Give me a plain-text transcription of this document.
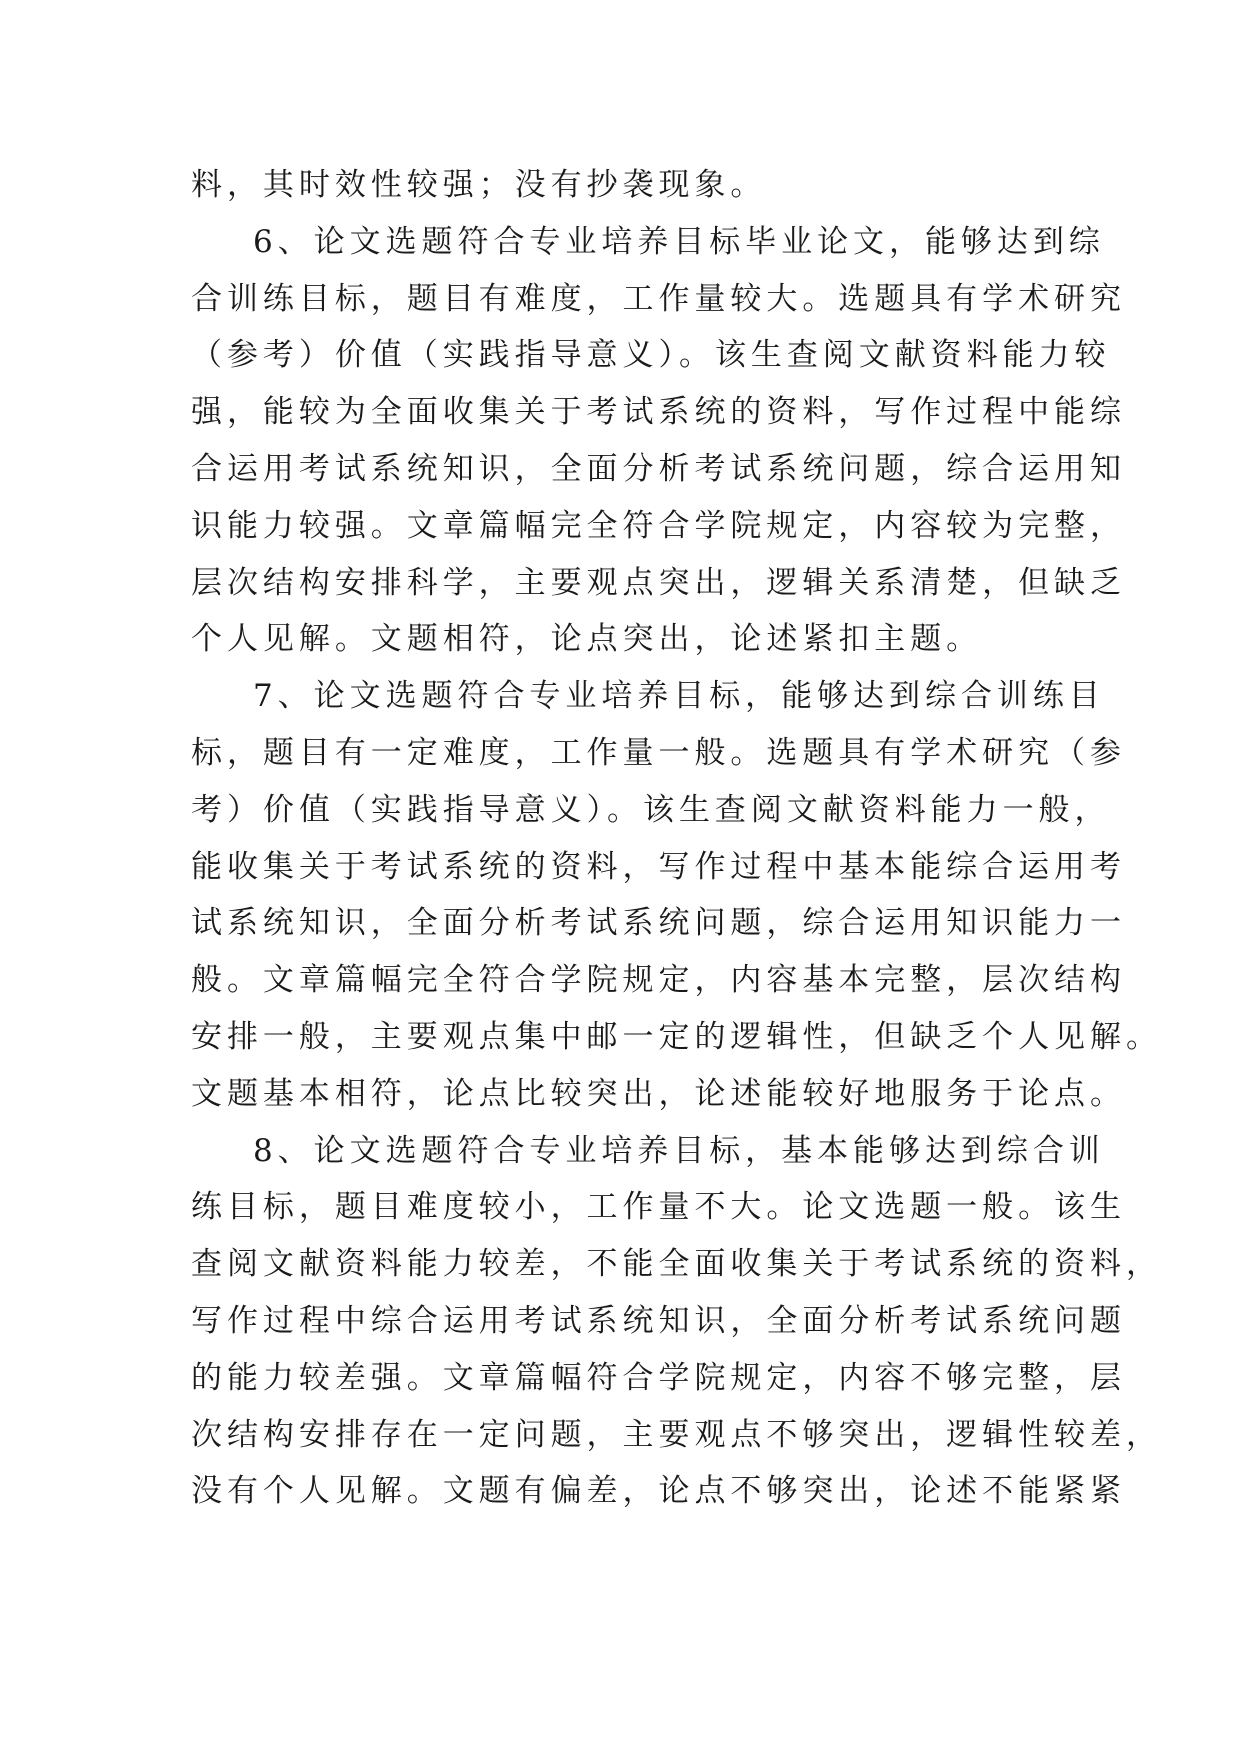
料，其时效性较强；没有抄袭现象。
6、论文选题符合专业培养目标毕业论文，能够达到综
合训练目标，题目有难度，工作量较大。选题具有学术研究
（参考）价值（实践指导意义）。该生查阅文献资料能力较
强，能较为全面收集关于考试系统的资料，写作过程中能综
合运用考试系统知识，全面分析考试系统问题，综合运用知
识能力较强。文章篇幅完全符合学院规定，内容较为完整，
层次结构安排科学，主要观点突出，逻辑关系清楚，但缺乏
个人见解。文题相符，论点突出，论述紧扣主题。
7、论文选题符合专业培养目标，能够达到综合训练目
标，题目有一定难度，工作量一般。选题具有学术研究（参
考）价值（实践指导意义）。该生查阅文献资料能力一般，
能收集关于考试系统的资料，写作过程中基本能综合运用考
试系统知识，全面分析考试系统问题，综合运用知识能力一
般。文章篇幅完全符合学院规定，内容基本完整，层次结构
安排一般，主要观点集中邮一定的逻辑性，但缺乏个人见解。
文题基本相符，论点比较突出，论述能较好地服务于论点。
8、论文选题符合专业培养目标，基本能够达到综合训
练目标，题目难度较小，工作量不大。论文选题一般。该生
查阅文献资料能力较差，不能全面收集关于考试系统的资料，
写作过程中综合运用考试系统知识，全面分析考试系统问题
的能力较差强。文章篇幅符合学院规定，内容不够完整，层
次结构安排存在一定问题，主要观点不够突出，逻辑性较差，
没有个人见解。文题有偏差，论点不够突出，论述不能紧紧
